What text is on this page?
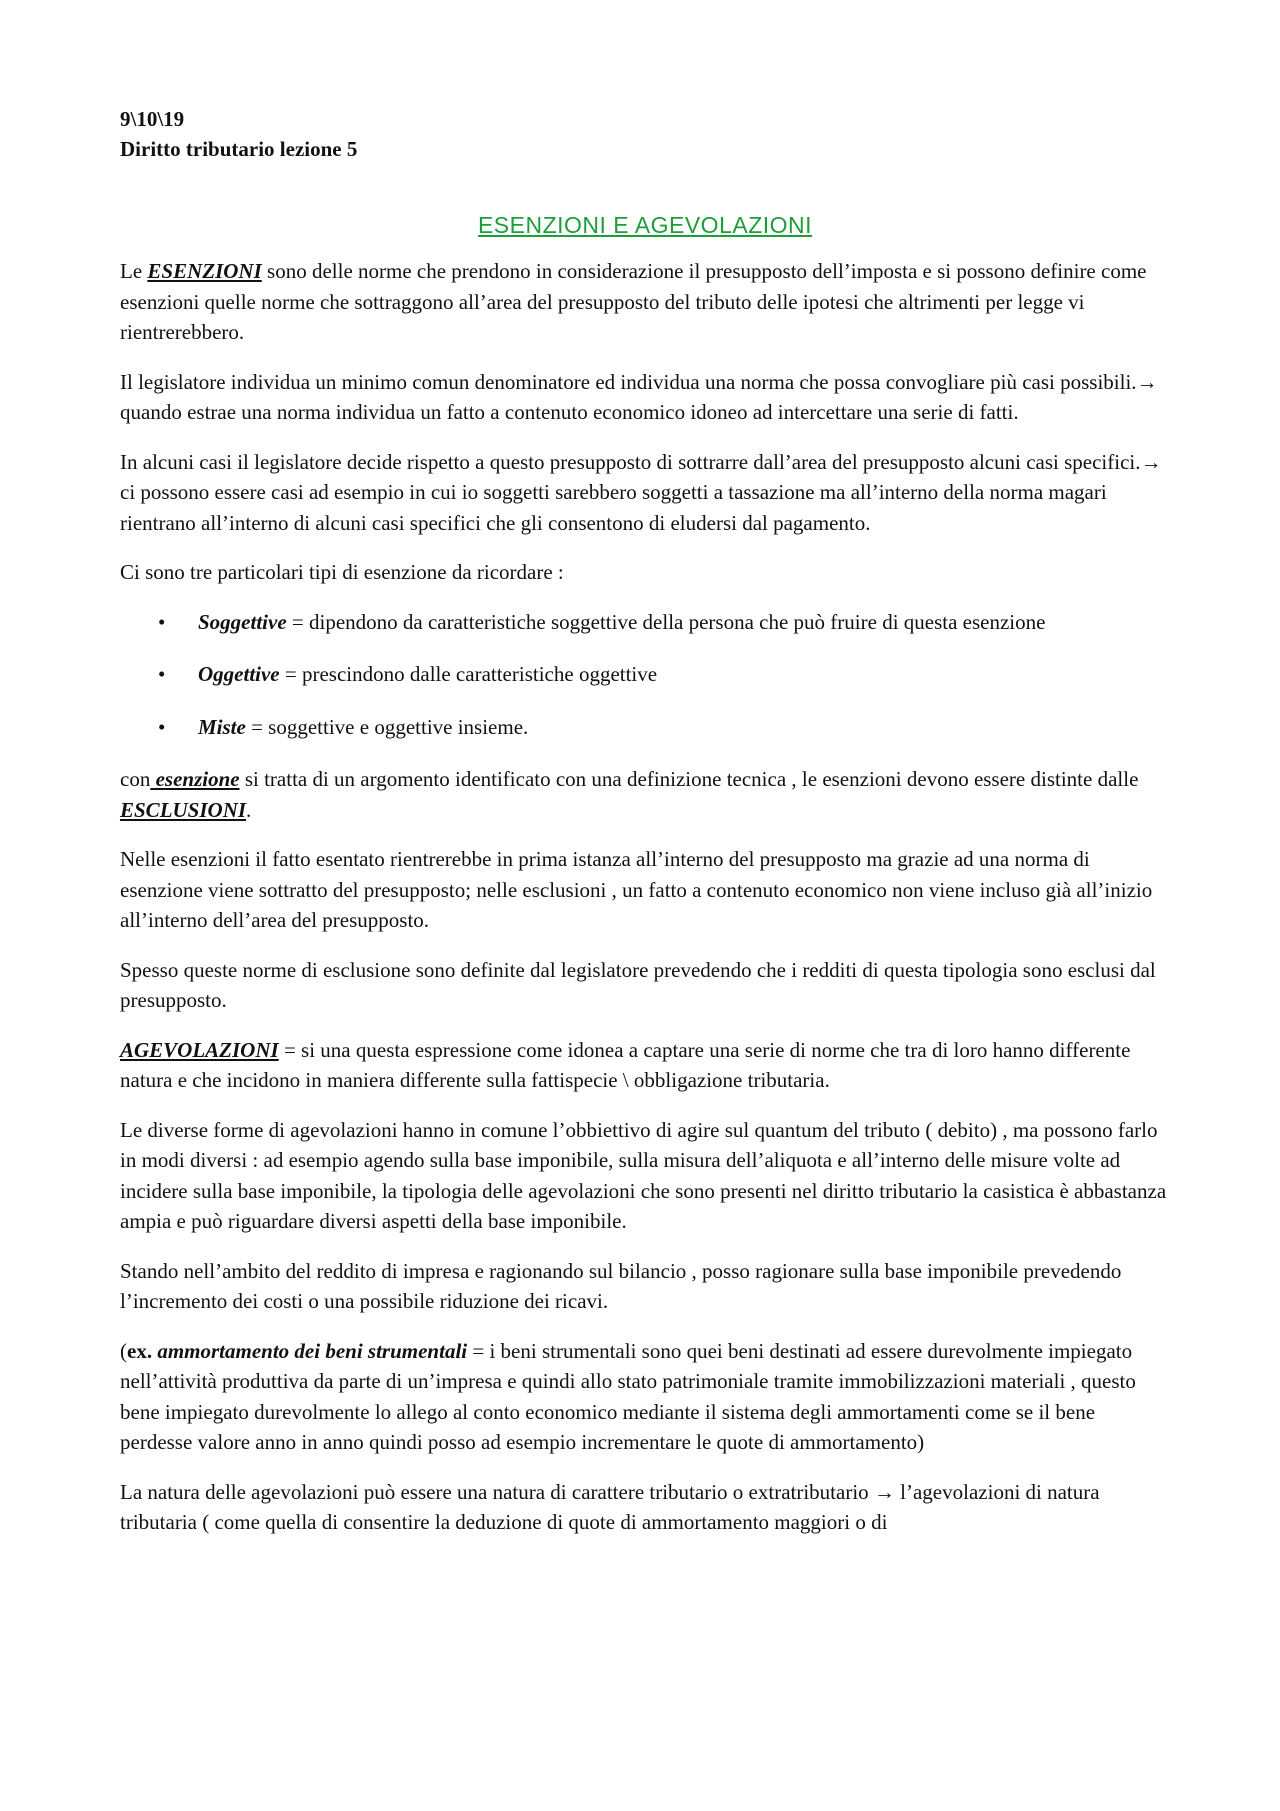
9\10\19
Diritto tributario lezione 5
ESENZIONI E AGEVOLAZIONI

Le ESENZIONI sono delle norme che prendono in considerazione il presupposto dell’imposta e si possono definire come esenzioni quelle norme che sottraggono all’area del presupposto del tributo delle ipotesi che altrimenti per legge vi rientrerebbero.

Il legislatore individua un minimo comun denominatore ed individua una norma che possa convogliare più casi possibili.→ quando estrae una norma individua un fatto a contenuto economico idoneo ad intercettare una serie di fatti.

In alcuni casi il legislatore decide rispetto a questo presupposto di sottrarre dall’area del presupposto alcuni casi specifici.→ ci possono essere casi ad esempio in cui io soggetti sarebbero soggetti a tassazione ma all’interno della norma magari rientrano all’interno di alcuni casi specifici che gli consentono di eludersi dal pagamento.

Ci sono tre particolari tipi di esenzione da ricordare :

• Soggettive = dipendono da caratteristiche soggettive della persona che può fruire di questa esenzione
• Oggettive = prescindono dalle caratteristiche oggettive
• Miste = soggettive e oggettive insieme.

con esenzione si tratta di un argomento identificato con una definizione tecnica , le esenzioni devono essere distinte dalle ESCLUSIONI.

Nelle esenzioni il fatto esentato rientrerebbe in prima istanza all’interno del presupposto ma grazie ad una norma di esenzione viene sottratto del presupposto; nelle esclusioni , un fatto a contenuto economico non viene incluso già all’inizio all’interno dell’area del presupposto.

Spesso queste norme di esclusione sono definite dal legislatore prevedendo che i redditi di questa tipologia sono esclusi dal presupposto.

AGEVOLAZIONI = si una questa espressione come idonea a captare una serie di norme che tra di loro hanno differente natura e che incidono in maniera differente sulla fattispecie \ obbligazione tributaria.

Le diverse forme di agevolazioni hanno in comune l’obbiettivo di agire sul quantum del tributo ( debito) , ma possono farlo in modi diversi : ad esempio agendo sulla base imponibile, sulla misura dell’aliquota e all’interno delle misure volte ad incidere sulla base imponibile, la tipologia delle agevolazioni che sono presenti nel diritto tributario la casistica è abbastanza ampia e può riguardare diversi aspetti della base imponibile.

Stando nell’ambito del reddito di impresa e ragionando sul bilancio , posso ragionare sulla base imponibile prevedendo l’incremento dei costi o una possibile riduzione dei ricavi.

(ex. ammortamento dei beni strumentali = i beni strumentali sono quei beni destinati ad essere durevolmente impiegato nell’attività produttiva da parte di un’impresa e quindi allo stato patrimoniale tramite immobilizzazioni materiali , questo bene impiegato durevolmente lo allego al conto economico mediante il sistema degli ammortamenti come se il bene perdesse valore anno in anno quindi posso ad esempio incrementare le quote di ammortamento)

La natura delle agevolazioni può essere una natura di carattere tributario o extratributario → l’agevolazioni di natura tributaria ( come quella di consentire la deduzione di quote di ammortamento maggiori o di
